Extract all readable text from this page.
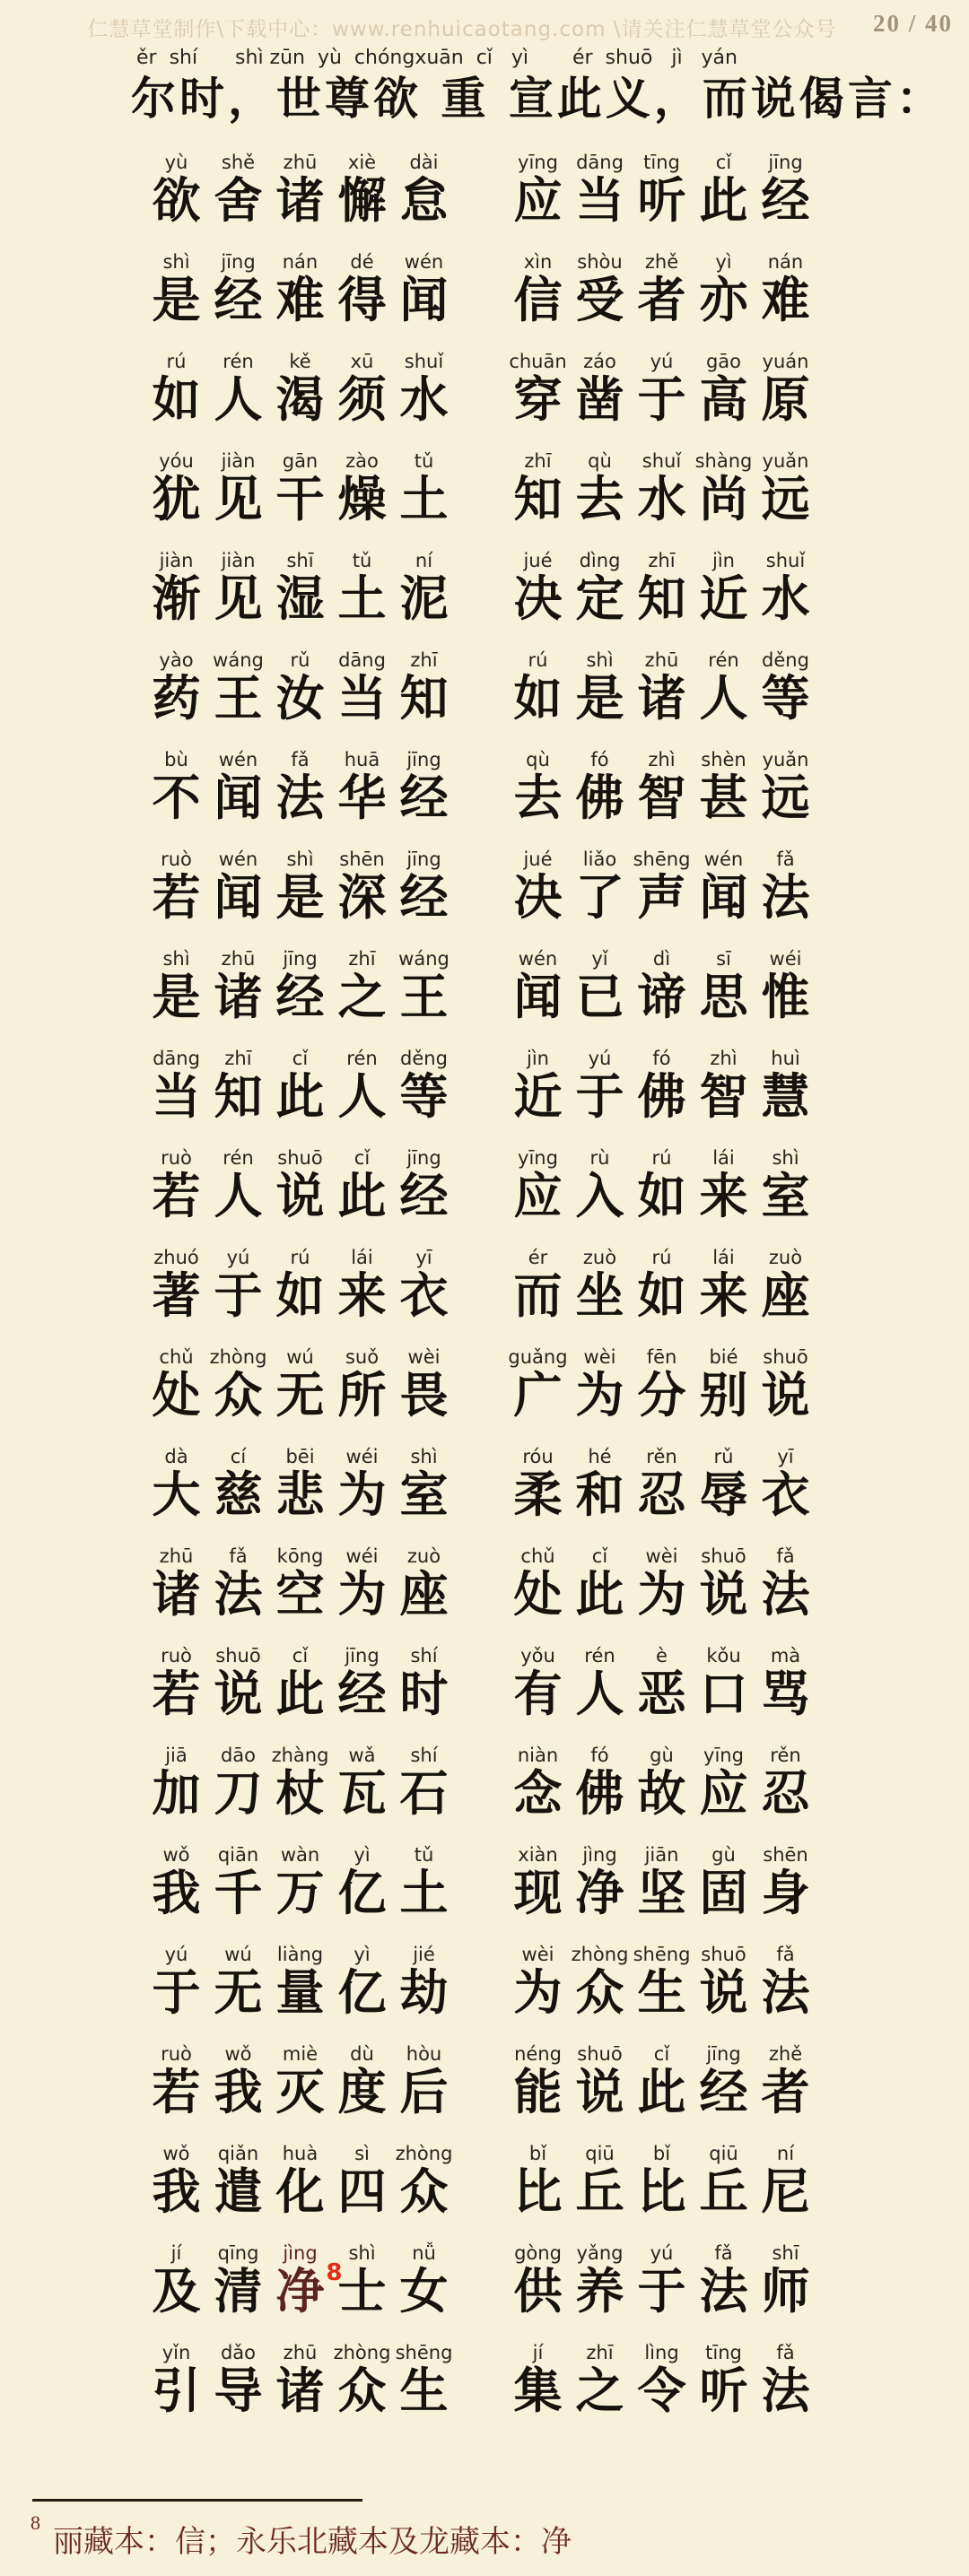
仁慧草堂制作\下载中心：www.renhuicaotang.com \请关注仁慧草堂公众号 20 / 40
ěr  shí      shì zūn  yù  chóngxuān  cǐ   yì       ér  shuō   jì   yán
尔时，世尊欲 重 宣此义，而说偈言：
yù
欲
shě
舍
zhū
诸
xiè
懈
dài
怠
yīng
应
dāng
当
tīng
听
cǐ
此
jīng
经
shì
是
jīng
经
nán
难
dé
得
wén
闻
xìn
信
shòu
受
zhě
者
yì
亦
nán
难
rú
如
rén
人
kě
渴
xū
须
shuǐ
水
chuān
穿
záo
凿
yú
于
gāo
高
yuán
原
yóu
犹
jiàn
见
gān
干
zào
燥
tǔ
土
zhī
知
qù
去
shuǐ
水
shàng
尚
yuǎn
远
jiàn
渐
jiàn
见
shī
湿
tǔ
土
ní
泥
jué
决
dìng
定
zhī
知
jìn
近
shuǐ
水
yào
药
wáng
王
rǔ
汝
dāng
当
zhī
知
rú
如
shì
是
zhū
诸
rén
人
děng
等
bù
不
wén
闻
fǎ
法
huā
华
jīng
经
qù
去
fó
佛
zhì
智
shèn
甚
yuǎn
远
ruò
若
wén
闻
shì
是
shēn
深
jīng
经
jué
决
liǎo
了
shēng
声
wén
闻
fǎ
法
shì
是
zhū
诸
jīng
经
zhī
之
wáng
王
wén
闻
yǐ
已
dì
谛
sī
思
wéi
惟
dāng
当
zhī
知
cǐ
此
rén
人
děng
等
jìn
近
yú
于
fó
佛
zhì
智
huì
慧
ruò
若
rén
人
shuō
说
cǐ
此
jīng
经
yīng
应
rù
入
rú
如
lái
来
shì
室
zhuó
著
yú
于
rú
如
lái
来
yī
衣
ér
而
zuò
坐
rú
如
lái
来
zuò
座
chǔ
处
zhòng
众
wú
无
suǒ
所
wèi
畏
guǎng
广
wèi
为
fēn
分
bié
别
shuō
说
dà
大
cí
慈
bēi
悲
wéi
为
shì
室
róu
柔
hé
和
rěn
忍
rǔ
辱
yī
衣
zhū
诸
fǎ
法
kōng
空
wéi
为
zuò
座
chǔ
处
cǐ
此
wèi
为
shuō
说
fǎ
法
ruò
若
shuō
说
cǐ
此
jīng
经
shí
时
yǒu
有
rén
人
è
恶
kǒu
口
mà
骂
jiā
加
dāo
刀
zhàng
杖
wǎ
瓦
shí
石
niàn
念
fó
佛
gù
故
yīng
应
rěn
忍
wǒ
我
qiān
千
wàn
万
yì
亿
tǔ
土
xiàn
现
jìng
净
jiān
坚
gù
固
shēn
身
yú
于
wú
无
liàng
量
yì
亿
jié
劫
wèi
为
zhòng
众
shēng
生
shuō
说
fǎ
法
ruò
若
wǒ
我
miè
灭
dù
度
hòu
后
néng
能
shuō
说
cǐ
此
jīng
经
zhě
者
wǒ
我
qiǎn
遣
huà
化
sì
四
zhòng
众
bǐ
比
qiū
丘
bǐ
比
qiū
丘
ní
尼
jí
及
qīng
清
jìng
净 8
shì
士
nǚ
女
gòng
供
yǎng
养
yú
于
fǎ
法
shī
师
yǐn
引
dǎo
导
zhū
诸
zhòng
众
shēng
生
jí
集
zhī
之
lìng
令
tīng
听
fǎ
法
$^8$丽藏本：信；永乐北藏本及龙藏本：净
